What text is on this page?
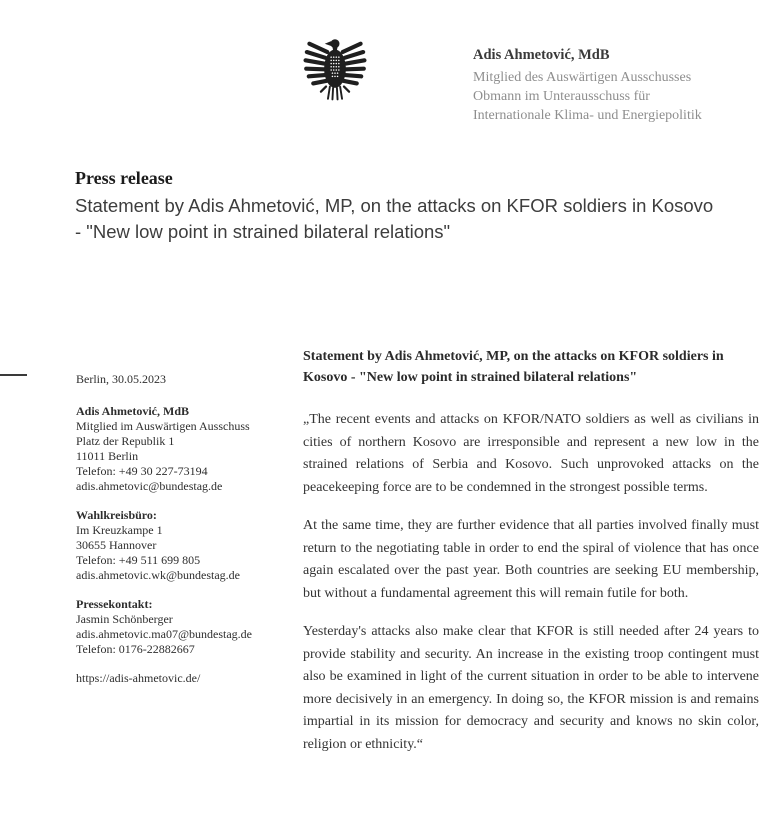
Adis Ahmetović, MdB
Mitglied des Auswärtigen Ausschusses
Obmann im Unterausschuss für
Internationale Klima- und Energiepolitik
Press release
Statement by Adis Ahmetović, MP, on the attacks on KFOR soldiers in Kosovo - "New low point in strained bilateral relations"
Berlin, 30.05.2023
Adis Ahmetović, MdB
Mitglied im Auswärtigen Ausschuss
Platz der Republik 1
11011 Berlin
Telefon: +49 30 227-73194
adis.ahmetovic@bundestag.de
Wahlkreisbüro:
Im Kreuzkampe 1
30655 Hannover
Telefon: +49 511 699 805
adis.ahmetovic.wk@bundestag.de
Pressekontakt:
Jasmin Schönberger
adis.ahmetovic.ma07@bundestag.de
Telefon: 0176-22882667
https://adis-ahmetovic.de/
Statement by Adis Ahmetović, MP, on the attacks on KFOR soldiers in Kosovo - "New low point in strained bilateral relations"

„The recent events and attacks on KFOR/NATO soldiers as well as civilians in cities of northern Kosovo are irresponsible and represent a new low in the strained relations of Serbia and Kosovo. Such unprovoked attacks on the peacekeeping force are to be condemned in the strongest possible terms.

At the same time, they are further evidence that all parties involved finally must return to the negotiating table in order to end the spiral of violence that has once again escalated over the past year. Both countries are seeking EU membership, but without a fundamental agreement this will remain futile for both.

Yesterday's attacks also make clear that KFOR is still needed after 24 years to provide stability and security. An increase in the existing troop contingent must also be examined in light of the current situation in order to be able to intervene more decisively in an emergency. In doing so, the KFOR mission is and remains impartial in its mission for democracy and security and knows no skin color, religion or ethnicity.“
